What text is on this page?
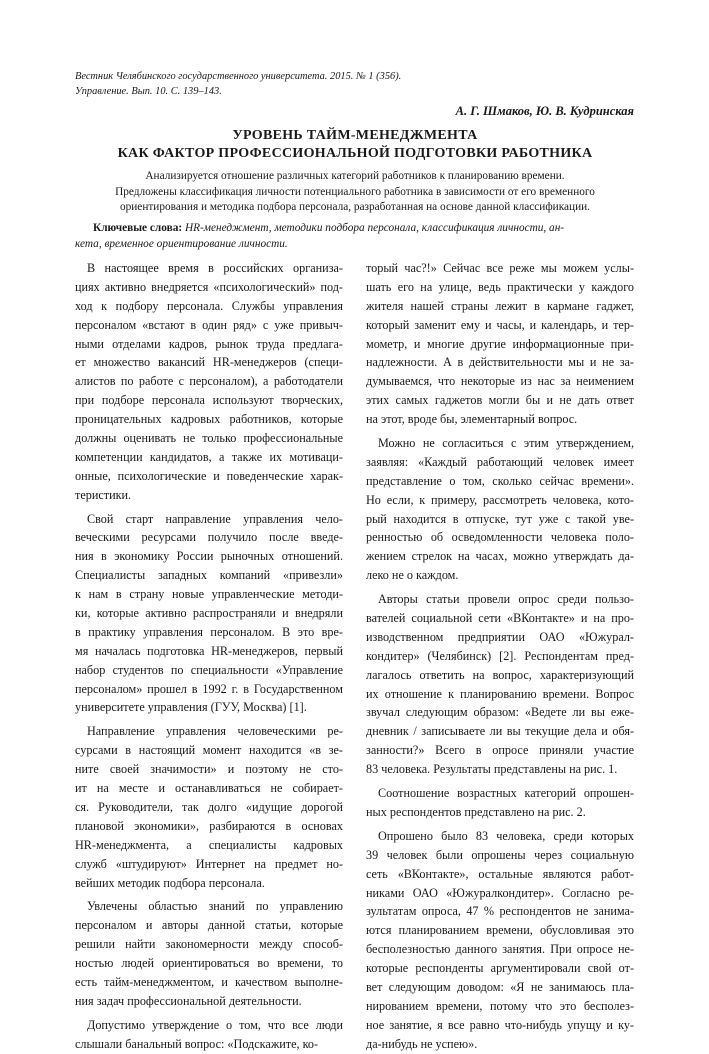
Вестник Челябинского государственного университета. 2015. № 1 (356).
Управление. Вып. 10. С. 139–143.
А. Г. Шмаков, Ю. В. Кудринская
УРОВЕНЬ ТАЙМ-МЕНЕДЖМЕНТА
КАК ФАКТОР ПРОФЕССИОНАЛЬНОЙ ПОДГОТОВКИ РАБОТНИКА
Анализируется отношение различных категорий работников к планированию времени.
Предложены классификация личности потенциального работника в зависимости от его временного
ориентирования и методика подбора персонала, разработанная на основе данной классификации.
Ключевые слова: HR-менеджмент, методики подбора персонала, классификация личности, ан-
кета, временное ориентирование личности.

В настоящее время в российских организа-
циях активно внедряется «психологический» под-
ход к подбору персонала. Службы управления
персоналом «встают в один ряд» с уже привыч-
ными отделами кадров, рынок труда предлага-
ет множество вакансий HR-менеджеров (специ-
алистов по работе с персоналом), а работодатели
при подборе персонала используют творческих,
проницательных кадровых работников, которые
должны оценивать не только профессиональные
компетенции кандидатов, а также их мотиваци-
онные, психологические и поведенческие харак-
теристики.

Свой старт направление управления чело-
веческими ресурсами получило после введе-
ния в экономику России рыночных отношений.
Специалисты западных компаний «привезли»
к нам в страну новые управленческие методи-
ки, которые активно распространяли и внедряли
в практику управления персоналом. В это вре-
мя началась подготовка HR-менеджеров, первый
набор студентов по специальности «Управление
персоналом» прошел в 1992 г. в Государственном
университете управления (ГУУ, Москва) [1].

Направление управления человеческими ре-
сурсами в настоящий момент находится «в зе-
ните своей значимости» и поэтому не сто-
ит на месте и останавливаться не собирает-
ся. Руководители, так долго «идущие дорогой
плановой экономики», разбираются в основах
HR-менеджмента, а специалисты кадровых
служб «штудируют» Интернет на предмет но-
вейших методик подбора персонала.

Увлечены областью знаний по управлению
персоналом и авторы данной статьи, которые
решили найти закономерности между способ-
ностью людей ориентироваться во времени, то
есть тайм-менеджментом, и качеством выполне-
ния задач профессиональной деятельности.

Допустимо утверждение о том, что все люди
слышали банальный вопрос: «Подскажите, ко-

торый час?!» Сейчас все реже мы можем услы-
шать его на улице, ведь практически у каждого
жителя нашей страны лежит в кармане гаджет,
который заменит ему и часы, и календарь, и тер-
мометр, и многие другие информационные при-
надлежности. А в действительности мы и не за-
думываемся, что некоторые из нас за неимением
этих самых гаджетов могли бы и не дать ответ
на этот, вроде бы, элементарный вопрос.

Можно не согласиться с этим утверждением,
заявляя: «Каждый работающий человек имеет
представление о том, сколько сейчас времени».
Но если, к примеру, рассмотреть человека, кото-
рый находится в отпуске, тут уже с такой уве-
ренностью об осведомленности человека поло-
жением стрелок на часах, можно утверждать да-
леко не о каждом.

Авторы статьи провели опрос среди пользо-
вателей социальной сети «ВКонтакте» и на про-
изводственном предприятии ОАО «Южурал-
кондитер» (Челябинск) [2]. Респондентам пред-
лагалось ответить на вопрос, характеризующий
их отношение к планированию времени. Вопрос
звучал следующим образом: «Ведете ли вы еже-
дневник / записываете ли вы текущие дела и обя-
занности?» Всего в опросе приняли участие
83 человека. Результаты представлены на рис. 1.

Соотношение возрастных категорий опрошен-
ных респондентов представлено на рис. 2.

Опрошено было 83 человека, среди которых
39 человек были опрошены через социальную
сеть «ВКонтакте», остальные являются работ-
никами ОАО «Южуралкондитер». Согласно ре-
зультатам опроса, 47 % респондентов не занима-
ются планированием времени, обусловливая это
бесполезностью данного занятия. При опросе не-
которые респонденты аргументировали свой от-
вет следующим доводом: «Я не занимаюсь пла-
нированием времени, потому что это бесполез-
ное занятие, я все равно что-нибудь упущу и ку-
да-нибудь не успею».
